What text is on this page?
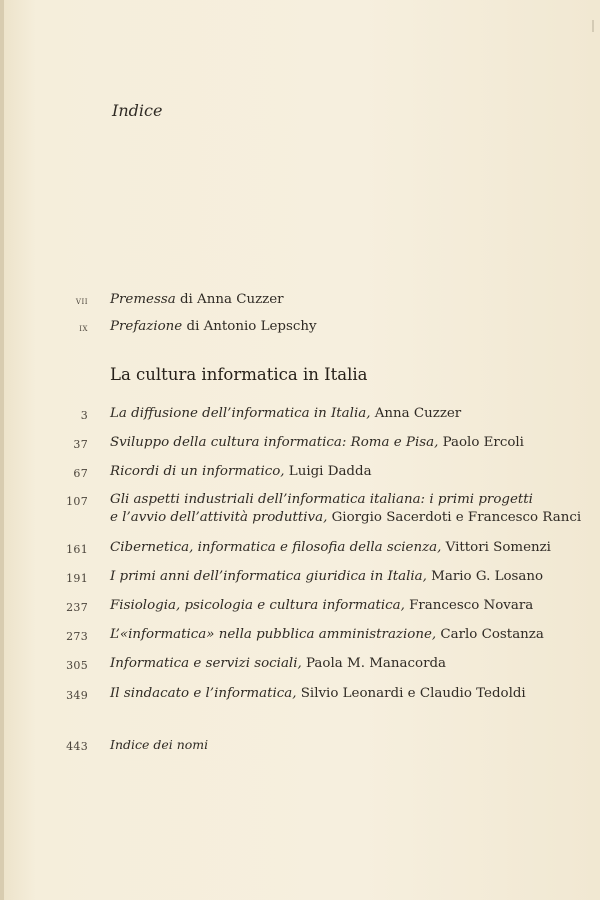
Indice
vii Premessa di Anna Cuzzer
ix Prefazione di Antonio Lepschy
La cultura informatica in Italia
3 La diffusione dell’informatica in Italia, Anna Cuzzer
37 Sviluppo della cultura informatica: Roma e Pisa, Paolo Ercoli
67 Ricordi di un informatico, Luigi Dadda
107 Gli aspetti industriali dell’informatica italiana: i primi progetti
e l’avvio dell’attività produttiva, Giorgio Sacerdoti e Francesco Ranci
161 Cibernetica, informatica e filosofia della scienza, Vittori Somenzi
191 I primi anni dell’informatica giuridica in Italia, Mario G. Losano
237 Fisiologia, psicologia e cultura informatica, Francesco Novara
273 L’«informatica» nella pubblica amministrazione, Carlo Costanza
305 Informatica e servizi sociali, Paola M. Manacorda
349 Il sindacato e l’informatica, Silvio Leonardi e Claudio Tedoldi
443 Indice dei nomi
